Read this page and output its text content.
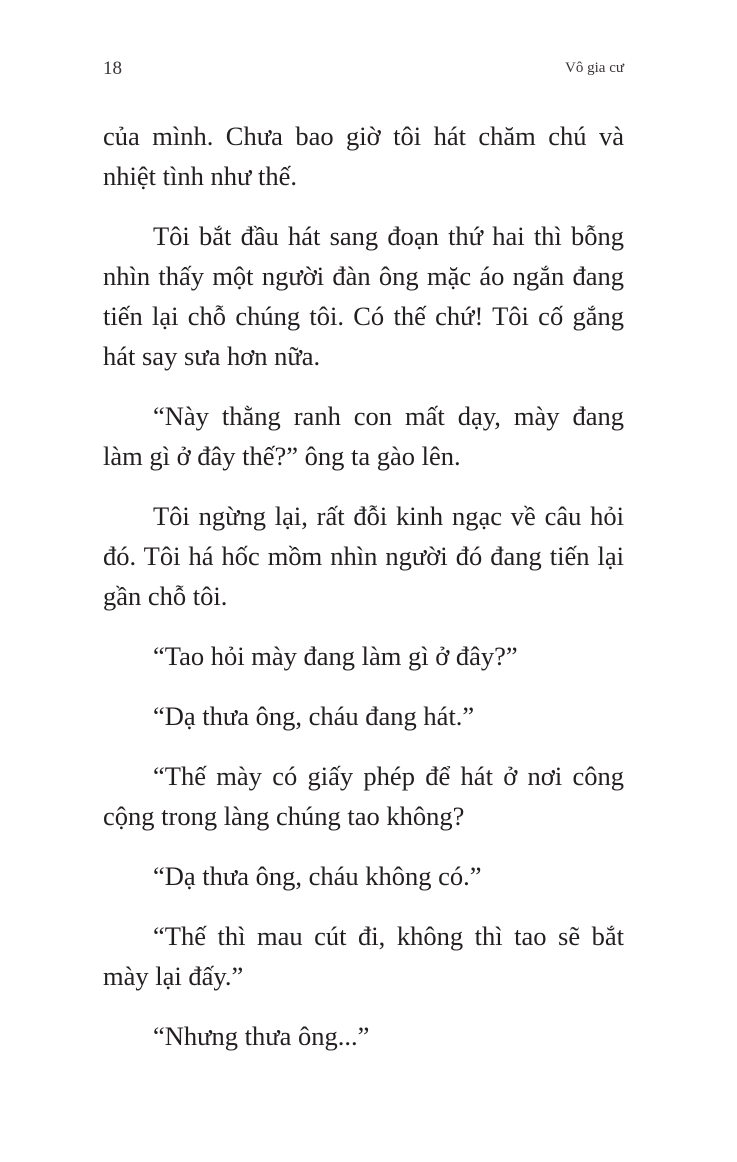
18	Vô gia cư

của mình. Chưa bao giờ tôi hát chăm chú và nhiệt tình như thế.

Tôi bắt đầu hát sang đoạn thứ hai thì bỗng nhìn thấy một người đàn ông mặc áo ngắn đang tiến lại chỗ chúng tôi. Có thế chứ! Tôi cố gắng hát say sưa hơn nữa.

“Này thằng ranh con mất dạy, mày đang làm gì ở đây thế?” ông ta gào lên.

Tôi ngừng lại, rất đỗi kinh ngạc về câu hỏi đó. Tôi há hốc mồm nhìn người đó đang tiến lại gần chỗ tôi.

“Tao hỏi mày đang làm gì ở đây?”

“Dạ thưa ông, cháu đang hát.”

“Thế mày có giấy phép để hát ở nơi công cộng trong làng chúng tao không?

“Dạ thưa ông, cháu không có.”

“Thế thì mau cút đi, không thì tao sẽ bắt mày lại đấy.”

“Nhưng thưa ông...”
